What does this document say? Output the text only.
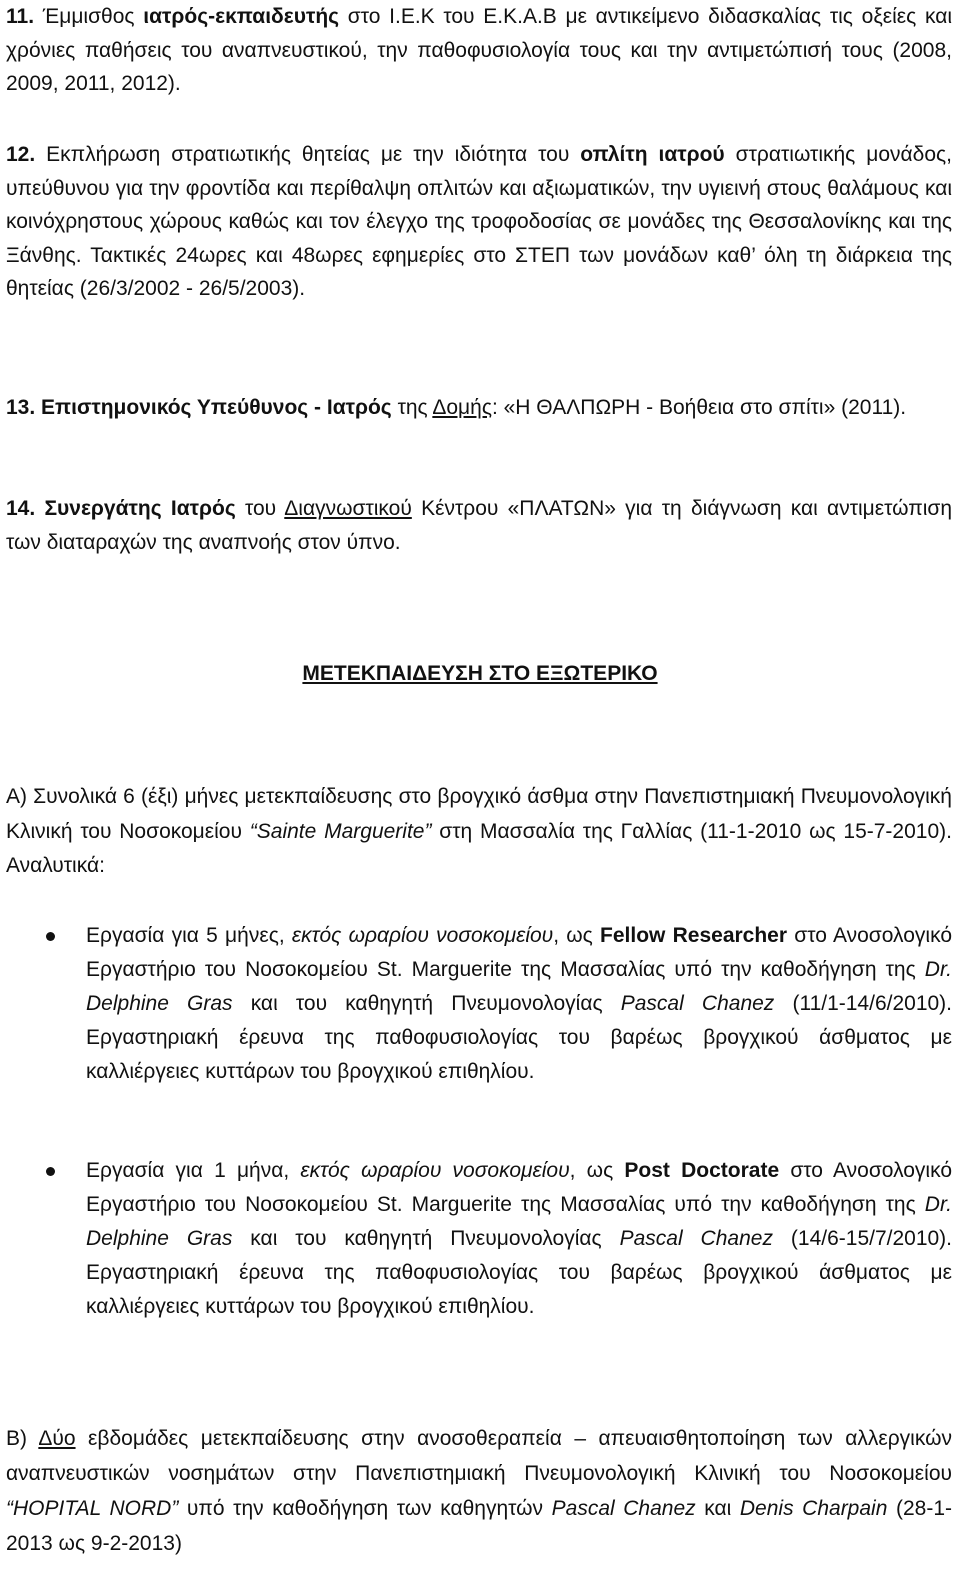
11. Έμμισθος ιατρός-εκπαιδευτής στο Ι.Ε.Κ του Ε.Κ.Α.Β με αντικείμενο διδασκαλίας τις οξείες και χρόνιες παθήσεις του αναπνευστικού, την παθοφυσιολογία τους και την αντιμετώπισή τους (2008, 2009, 2011, 2012).

12. Εκπλήρωση στρατιωτικής θητείας με την ιδιότητα του οπλίτη ιατρού στρατιωτικής μονάδος, υπεύθυνου για την φροντίδα και περίθαλψη οπλιτών και αξιωματικών, την υγιεινή στους θαλάμους και κοινόχρηστους χώρους καθώς και τον έλεγχο της τροφοδοσίας σε μονάδες της Θεσσαλονίκης και της Ξάνθης. Τακτικές 24ωρες και 48ωρες εφημερίες στο ΣΤΕΠ των μονάδων καθ’ όλη τη διάρκεια της θητείας (26/3/2002 - 26/5/2003).

13. Επιστημονικός Υπεύθυνος - Ιατρός της Δομής: «Η ΘΑΛΠΩΡΗ - Βοήθεια στο σπίτι» (2011).

14. Συνεργάτης Ιατρός του Διαγνωστικού Κέντρου «ΠΛΑΤΩΝ» για τη διάγνωση και αντιμετώπιση των διαταραχών της αναπνοής στον ύπνο.

ΜΕΤΕΚΠΑΙΔΕΥΣΗ ΣΤΟ ΕΞΩΤΕΡΙΚΟ

Α) Συνολικά 6 (έξι) μήνες μετεκπαίδευσης στο βρογχικό άσθμα στην Πανεπιστημιακή Πνευμονολογική Κλινική του Νοσοκομείου “Sainte Marguerite” στη Μασσαλία της Γαλλίας (11-1-2010 ως 15-7-2010). Αναλυτικά:

Εργασία για 5 μήνες, εκτός ωραρίου νοσοκομείου, ως Fellow Researcher στο Ανοσολογικό Εργαστήριο του Νοσοκομείου St. Marguerite της Μασσαλίας υπό την καθοδήγηση της Dr. Delphine Gras και του καθηγητή Πνευμονολογίας Pascal Chanez (11/1-14/6/2010). Εργαστηριακή έρευνα της παθοφυσιολογίας του βαρέως βρογχικού άσθματος με καλλιέργειες κυττάρων του βρογχικού επιθηλίου.

Εργασία για 1 μήνα, εκτός ωραρίου νοσοκομείου, ως Post Doctorate στο Ανοσολογικό Εργαστήριο του Νοσοκομείου St. Marguerite της Μασσαλίας υπό την καθοδήγηση της Dr. Delphine Gras και του καθηγητή Πνευμονολογίας Pascal Chanez (14/6-15/7/2010). Εργαστηριακή έρευνα της παθοφυσιολογίας του βαρέως βρογχικού άσθματος με καλλιέργειες κυττάρων του βρογχικού επιθηλίου.

Β) Δύο εβδομάδες μετεκπαίδευσης στην ανοσοθεραπεία – απευαισθητοποίηση των αλλεργικών αναπνευστικών νοσημάτων στην Πανεπιστημιακή Πνευμονολογική Κλινική του Νοσοκομείου “HOPITAL NORD” υπό την καθοδήγηση των καθηγητών Pascal Chanez και Denis Charpain (28-1-2013 ως 9-2-2013)
